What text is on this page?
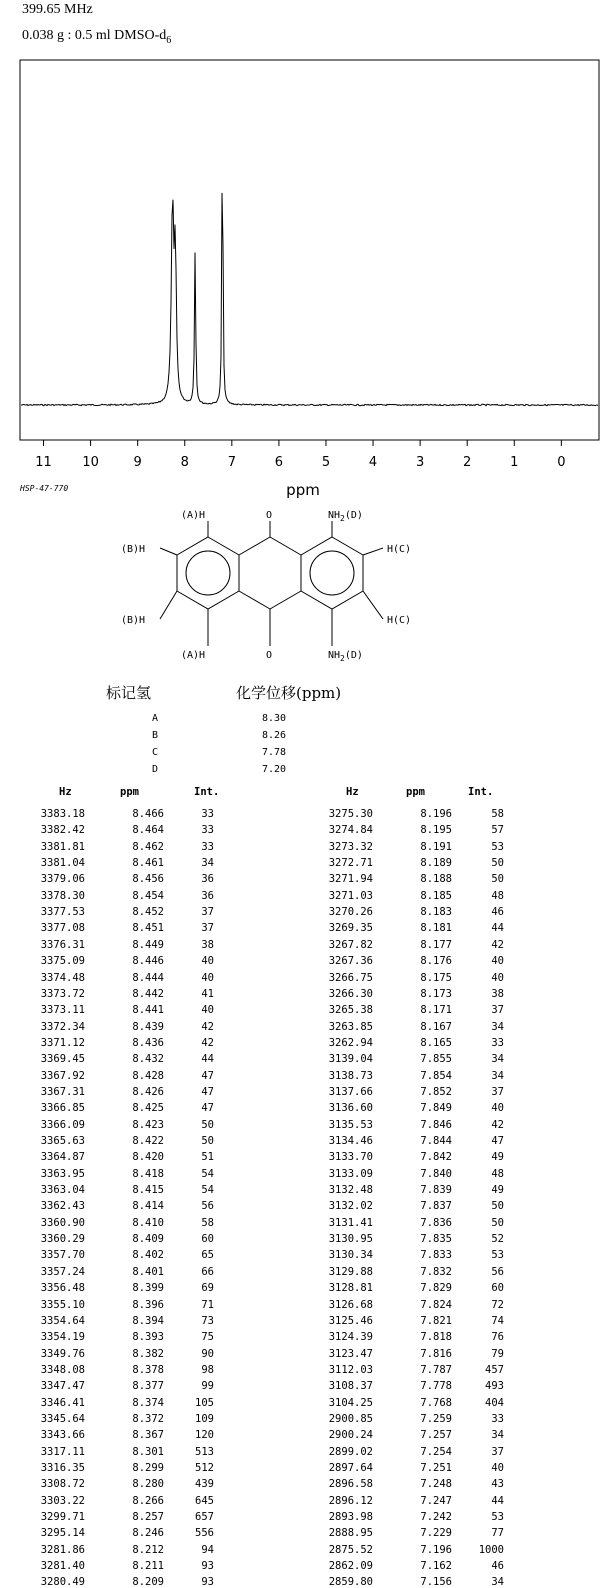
399.65 MHz
0.038 g : 0.5 ml DMSO-$d_6$
11 10	9	8	7	6	5	4	3	2	1	0
ppm
HSP-47-770
(A)H	O	$NH_2(D)$
(B)H	H(C)
(B)H	H(C)
(A)H	O	$NH_2(D)$
标记氢	化学位移(ppm)
A	8.30
B	8.26
C	7.78
D	7.20
Hz	ppm	Int.
3383.18	8.466	33
3382.42	8.464	33
3381.81	8.462	33
3381.04	8.461	34
3379.06	8.456	36
3378.30	8.454	36
3377.53	8.452	37
3377.08	8.451	37
3376.31	8.449	38
3375.09	8.446	40
3374.48	8.444	40
3373.72	8.442	41
3373.11	8.441	40
3372.34	8.439	42
3371.12	8.436	42
3369.45	8.432	44
3367.92	8.428	47
3367.31	8.426	47
3366.85	8.425	47
3366.09	8.423	50
3365.63	8.422	50
3364.87	8.420	51
3363.95	8.418	54
3363.04	8.415	54
3362.43	8.414	56
3360.90	8.410	58
3360.29	8.409	60
3357.70	8.402	65
3357.24	8.401	66
3356.48	8.399	69
3355.10	8.396	71
3354.64	8.394	73
3354.19	8.393	75
3349.76	8.382	90
3348.08	8.378	98
3347.47	8.377	99
3346.41	8.374	105
3345.64	8.372	109
3343.66	8.367	120
3317.11	8.301	513
3316.35	8.299	512
3308.72	8.280	439
3303.22	8.266	645
3299.71	8.257	657
3295.14	8.246	556
3281.86	8.212	94
3281.40	8.211	93
3280.49	8.209	93
Hz	ppm	Int.
3275.30	8.196	58
3274.84	8.195	57
3273.32	8.191	53
3272.71	8.189	50
3271.94	8.188	50
3271.03	8.185	48
3270.26	8.183	46
3269.35	8.181	44
3267.82	8.177	42
3267.36	8.176	40
3266.75	8.175	40
3266.30	8.173	38
3265.38	8.171	37
3263.85	8.167	34
3262.94	8.165	33
3139.04	7.855	34
3138.73	7.854	34
3137.66	7.852	37
3136.60	7.849	40
3135.53	7.846	42
3134.46	7.844	47
3133.70	7.842	49
3133.09	7.840	48
3132.48	7.839	49
3132.02	7.837	50
3131.41	7.836	50
3130.95	7.835	52
3130.34	7.833	53
3129.88	7.832	56
3128.81	7.829	60
3126.68	7.824	72
3125.46	7.821	74
3124.39	7.818	76
3123.47	7.816	79
3112.03	7.787	457
3108.37	7.778	493
3104.25	7.768	404
2900.85	7.259	33
2900.24	7.257	34
2899.02	7.254	37
2897.64	7.251	40
2896.58	7.248	43
2896.12	7.247	44
2893.98	7.242	53
2888.95	7.229	77
2875.52	7.196	1000
2862.09	7.162	46
2859.80	7.156	34
